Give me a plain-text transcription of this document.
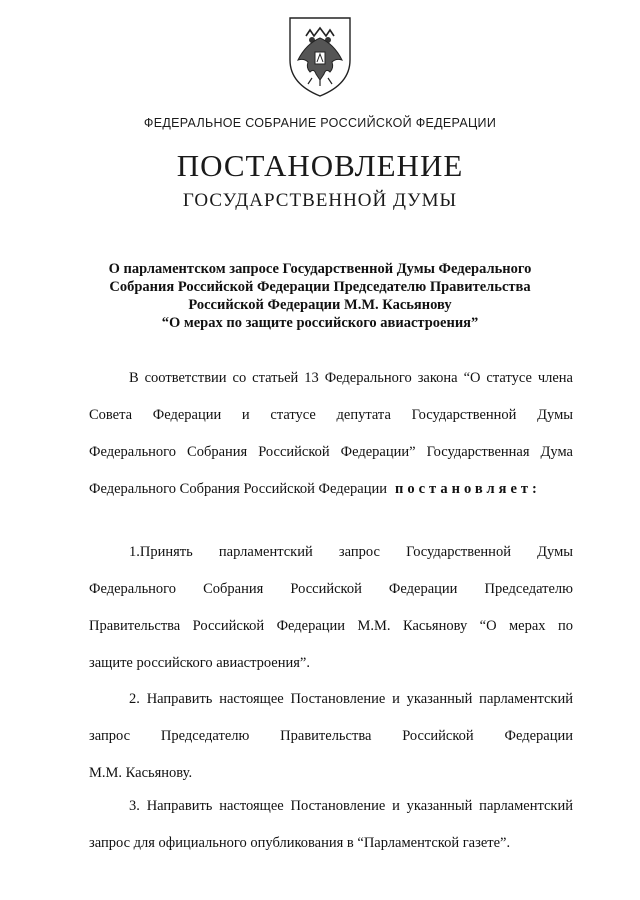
ФЕДЕРАЛЬНОЕ СОБРАНИЕ РОССИЙСКОЙ ФЕДЕРАЦИИ
ПОСТАНОВЛЕНИЕ
ГОСУДАРСТВЕННОЙ ДУМЫ
О парламентском запросе Государственной Думы Федерального
Собрания Российской Федерации Председателю Правительства
Российской Федерации М.М. Касьянову
“О мерах по защите российского авиастроения”
В соответствии со статьей 13 Федерального закона “О статусе члена
Совета Федерации и статусе депутата Государственной Думы
Федерального Собрания Российской Федерации” Государственная Дума
Федерального Собрания Российской Федерации постановляет:
1.Принять парламентский запрос Государственной Думы
Федерального Собрания Российской Федерации Председателю
Правительства Российской Федерации М.М. Касьянову “О мерах по
защите российского авиастроения”.
2. Направить настоящее Постановление и указанный парламентский
запрос Председателю Правительства Российской Федерации
М.М. Касьянову.
3. Направить настоящее Постановление и указанный парламентский
запрос для официального опубликования в “Парламентской газете”.
